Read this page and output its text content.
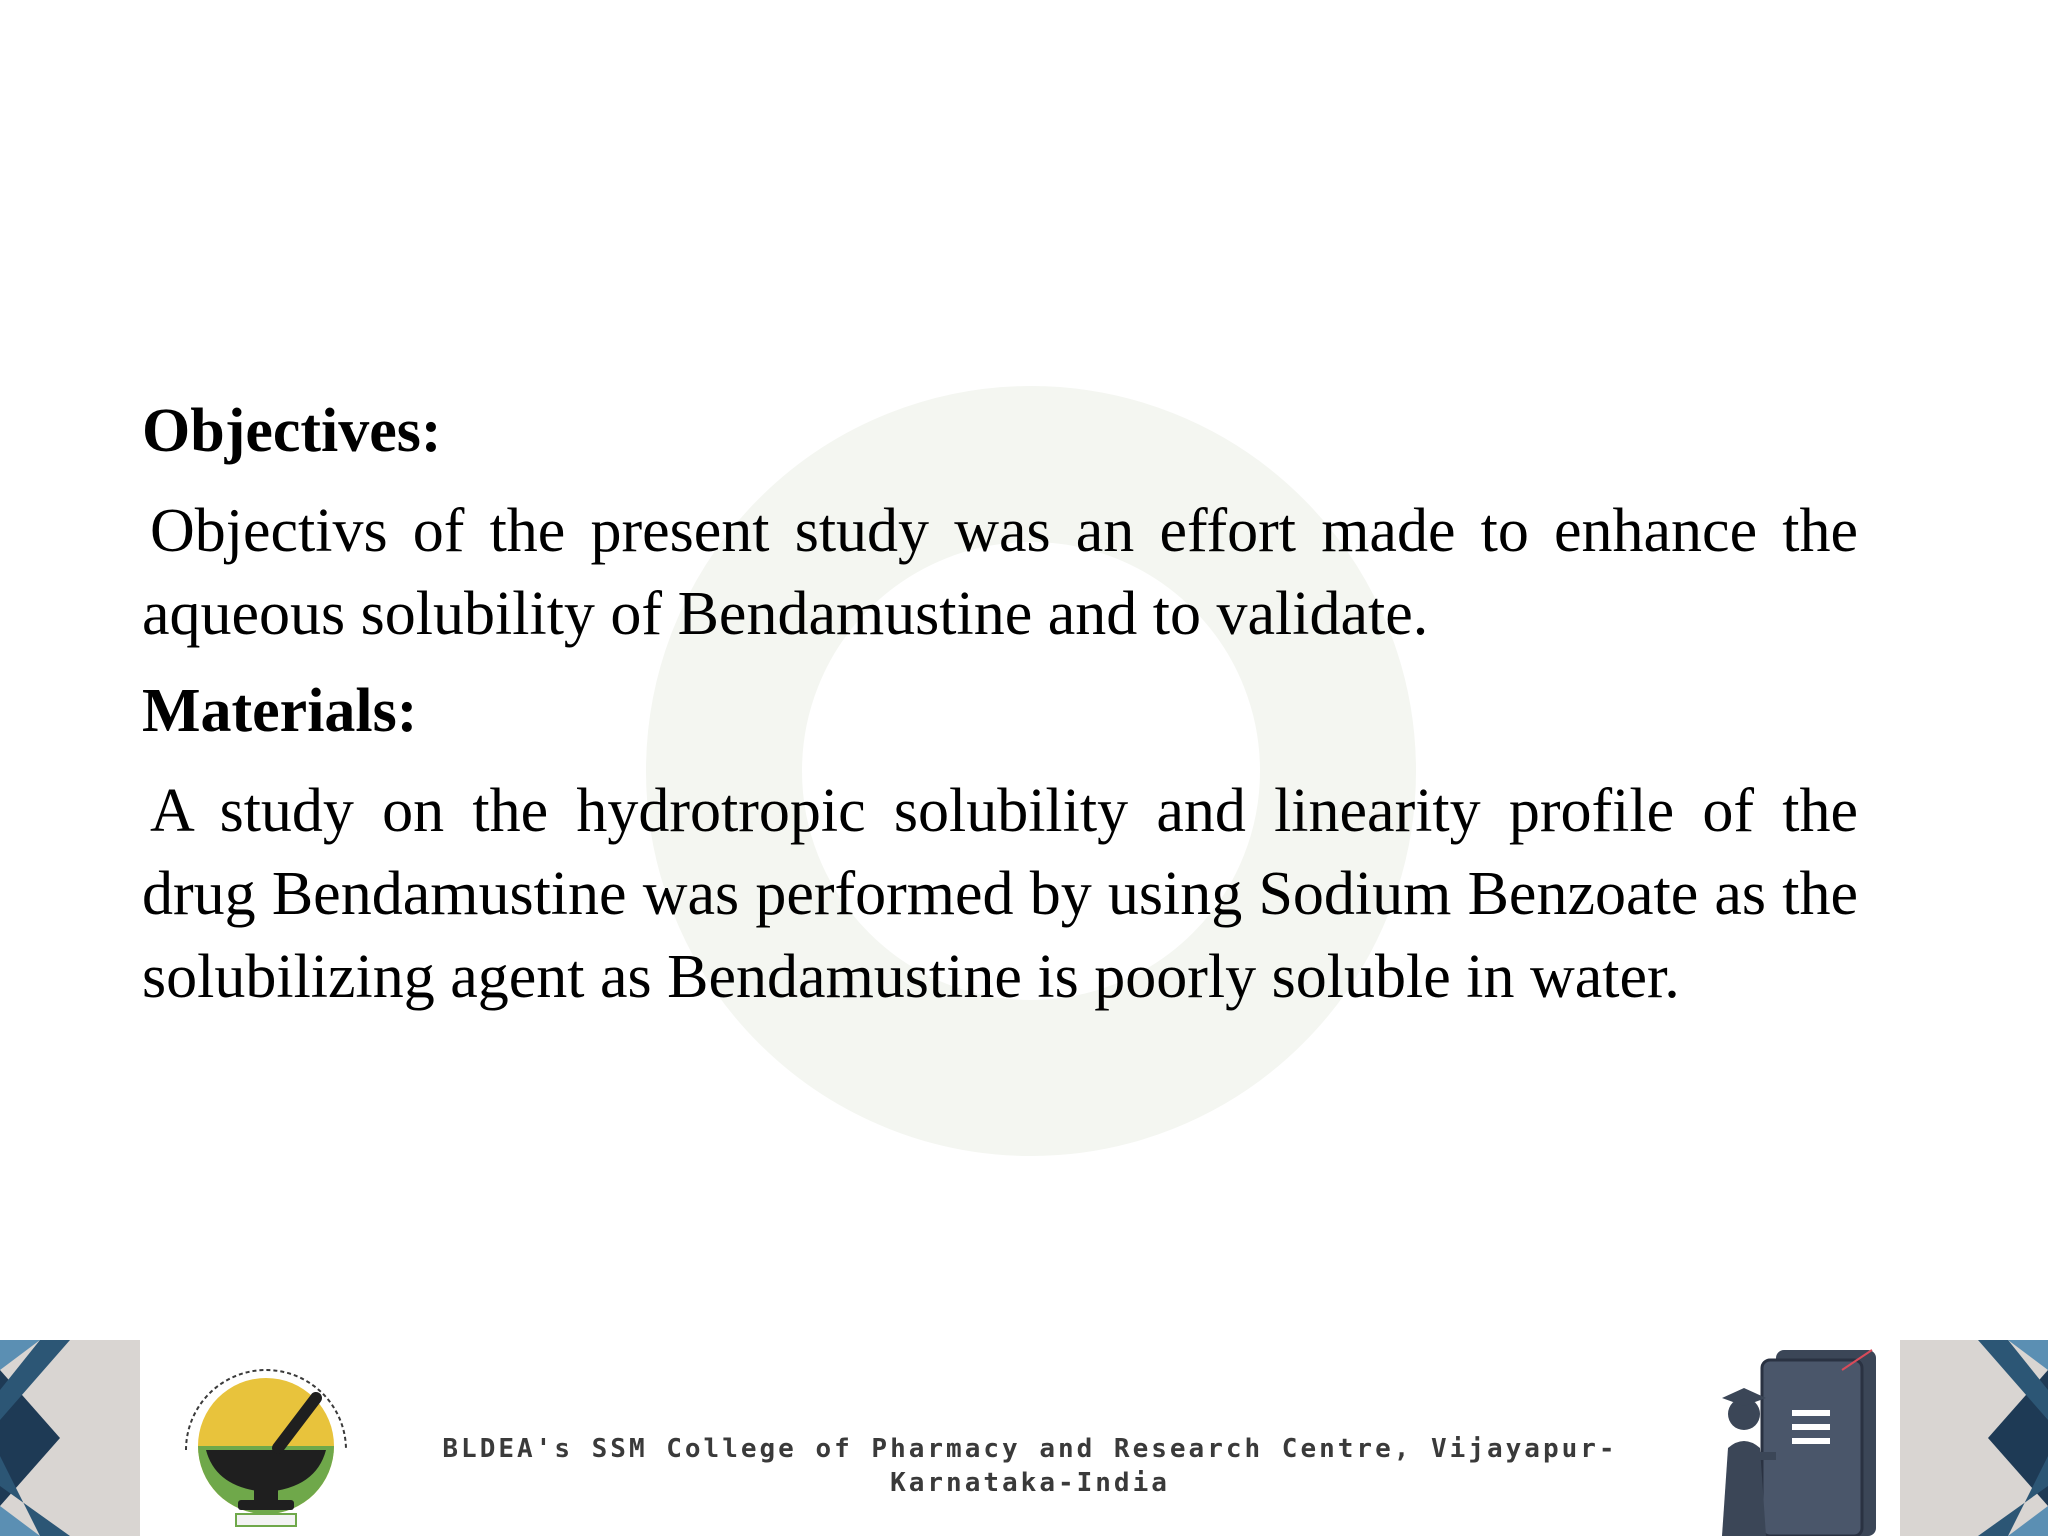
Objectives:

Objectivs of the present study was an effort made to enhance the aqueous solubility of Bendamustine and to validate.

Materials:

A study on the hydrotropic solubility and linearity profile of the drug Bendamustine was performed by using Sodium Benzoate as the solubilizing agent as Bendamustine is poorly soluble in water.

BLDEA's SSM College of Pharmacy and Research Centre, Vijayapur-
Karnataka-India
